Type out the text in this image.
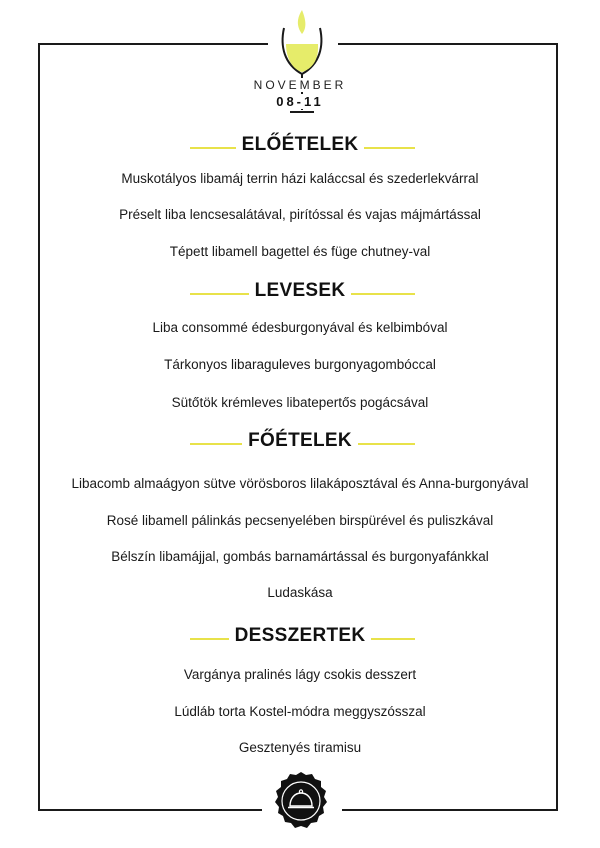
NOVEMBER
08-11
ELŐÉTELEK
Muskotályos libamáj terrin házi kaláccsal és szederlekvárral
Préselt liba lencsesalátával, pirítóssal és vajas májmártással
Tépett libamell bagettel és füge chutney-val
LEVESEK
Liba consommé édesburgonyával és kelbimbóval
Tárkonyos libaraguleves burgonyagombóccal
Sütőtök krémleves libatepertős pogácsával
FŐÉTELEK
Libacomb almaágyon sütve vörösboros lilakáposztával és Anna-burgonyával
Rosé libamell pálinkás pecsenyelében birspürével és puliszkával
Bélszín libamájjal, gombás barnamártással és burgonyafánkkal
Ludaskása
DESSZERTEK
Vargánya pralinés lágy csokis desszert
Lúdláb torta Kostel-módra meggyszósszal
Gesztenyés tiramisu
